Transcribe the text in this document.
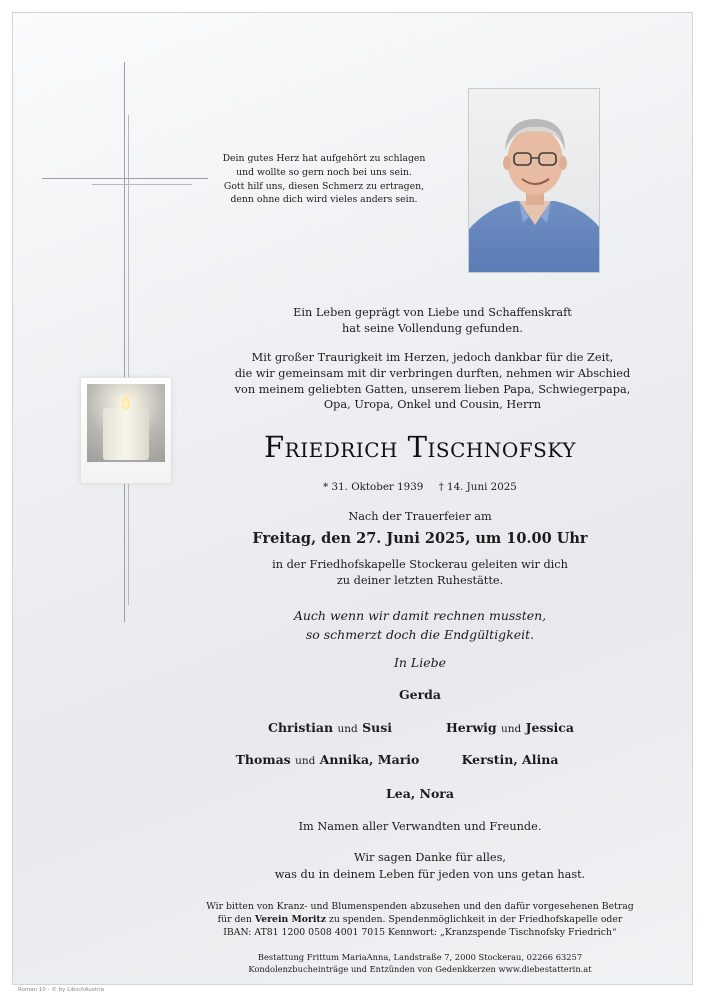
Dein gutes Herz hat aufgehört zu schlagen
und wollte so gern noch bei uns sein.
Gott hilf uns, diesen Schmerz zu ertragen,
denn ohne dich wird vieles anders sein.
Ein Leben geprägt von Liebe und Schaffenskraft
hat seine Vollendung gefunden.
Mit großer Traurigkeit im Herzen, jedoch dankbar für die Zeit,
die wir gemeinsam mit dir verbringen durften, nehmen wir Abschied
von meinem geliebten Gatten, unserem lieben Papa, Schwiegerpapa,
Opa, Uropa, Onkel und Cousin, Herrn
Friedrich Tischnofsky
* 31. Oktober 1939 † 14. Juni 2025
Nach der Trauerfeier am
Freitag, den 27. Juni 2025, um 10.00 Uhr
in der Friedhofskapelle Stockerau geleiten wir dich
zu deiner letzten Ruhestätte.
Auch wenn wir damit rechnen mussten,
so schmerzt doch die Endgültigkeit.
In Liebe
Gerda
Christian und Susi	Herwig und Jessica
Thomas und Annika, Mario	Kerstin, Alina
Lea, Nora
Im Namen aller Verwandten und Freunde.
Wir sagen Danke für alles,
was du in deinem Leben für jeden von uns getan hast.
Wir bitten von Kranz- und Blumenspenden abzusehen und den dafür vorgesehenen Betrag
für den Verein Moritz zu spenden. Spendenmöglichkeit in der Friedhofskapelle oder
IBAN: AT81 1200 0508 4001 7015 Kennwort: „Kranzspende Tischnofsky Friedrich“
Bestattung Frittum MariaAnna, Landstraße 7, 2000 Stockerau, 02266 63257
Kondolenzbucheinträge und Entzünden von Gedenkkerzen www.diebestatterin.at
Roman 10 - © by LibschAustria
